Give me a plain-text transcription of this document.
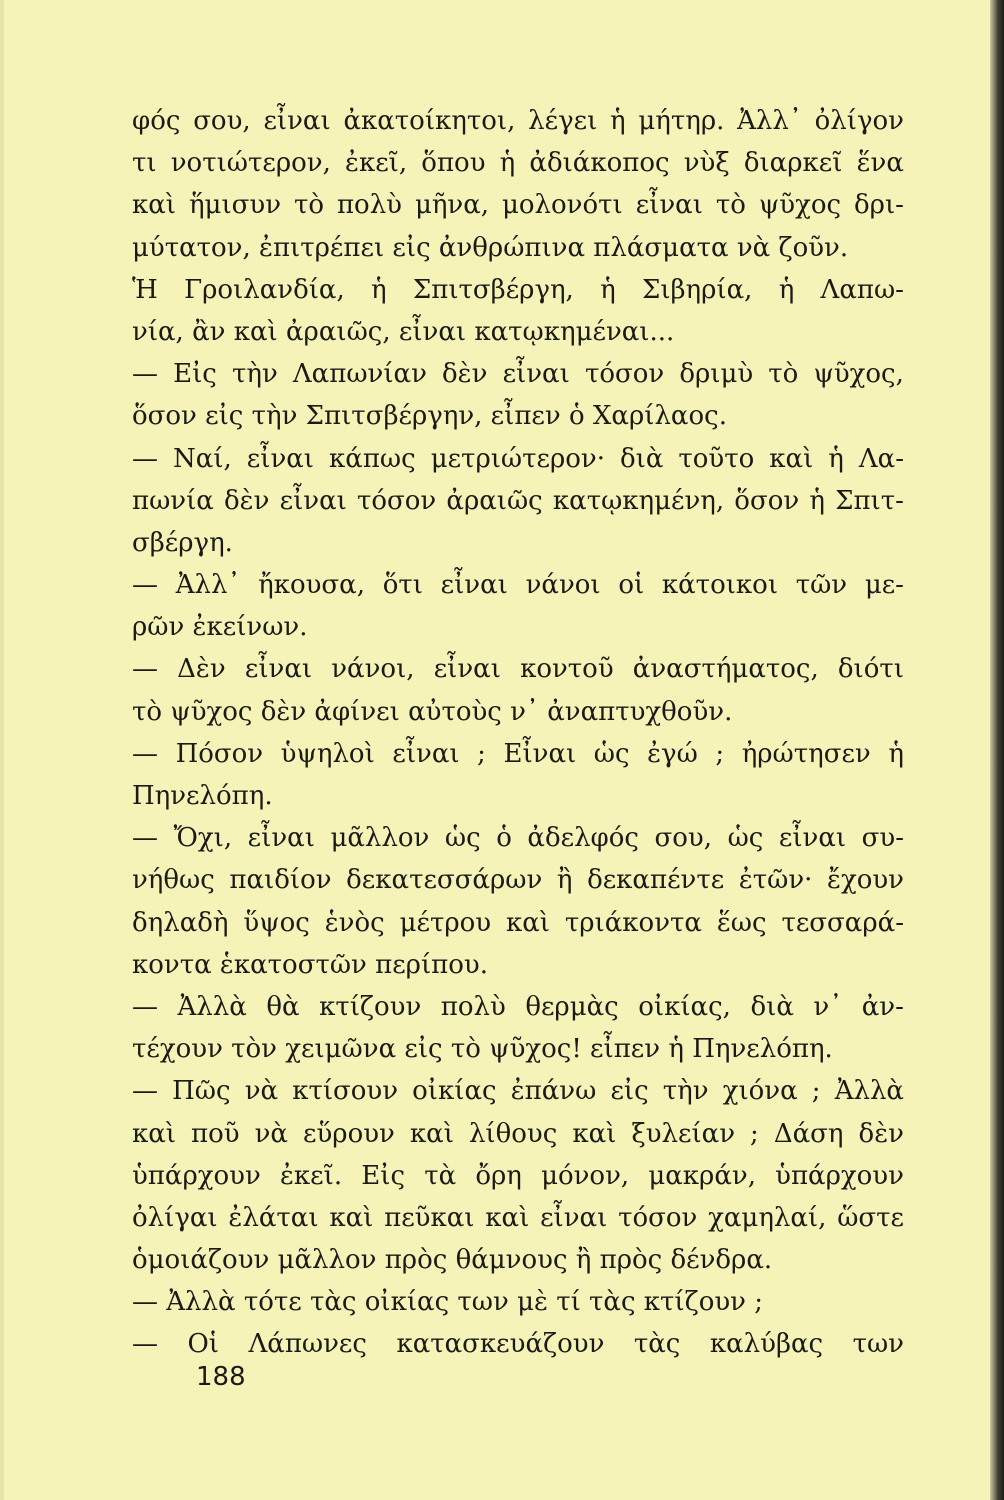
φός σου, εἶναι ἀκατοίκητοι, λέγει ἡ μήτηρ. Ἀλλ᾽ ὀλίγον
τι νοτιώτερον, ἐκεῖ, ὅπου ἡ ἀδιάκοπος νὺξ διαρκεῖ ἕνα
καὶ ἥμισυν τὸ πολὺ μῆνα, μολονότι εἶναι τὸ ψῦχος δρι-
μύτατον, ἐπιτρέπει εἰς ἀνθρώπινα πλάσματα νὰ ζοῦν.
Ἡ Γροιλανδία, ἡ Σπιτσβέργη, ἡ Σιβηρία, ἡ Λαπω-
νία, ἂν καὶ ἀραιῶς, εἶναι κατῳκημέναι...
— Εἰς τὴν Λαπωνίαν δὲν εἶναι τόσον δριμὺ τὸ ψῦχος,
ὅσον εἰς τὴν Σπιτσβέργην, εἶπεν ὁ Χαρίλαος.
— Ναί, εἶναι κάπως μετριώτερον· διὰ τοῦτο καὶ ἡ Λα-
πωνία δὲν εἶναι τόσον ἀραιῶς κατῳκημένη, ὅσον ἡ Σπιτ-
σβέργη.
— Ἀλλ᾽ ἤκουσα, ὅτι εἶναι νάνοι οἱ κάτοικοι τῶν με-
ρῶν ἐκείνων.
— Δὲν εἶναι νάνοι, εἶναι κοντοῦ ἀναστήματος, διότι
τὸ ψῦχος δὲν ἀφίνει αὐτοὺς ν᾽ ἀναπτυχθοῦν.
— Πόσον ὑψηλοὶ εἶναι ; Εἶναι ὡς ἐγώ ; ἠρώτησεν ἡ
Πηνελόπη.
— Ὄχι, εἶναι μᾶλλον ὡς ὁ ἀδελφός σου, ὡς εἶναι συ-
νήθως παιδίον δεκατεσσάρων ἢ δεκαπέντε ἐτῶν· ἔχουν
δηλαδὴ ὕψος ἑνὸς μέτρου καὶ τριάκοντα ἕως τεσσαρά-
κοντα ἑκατοστῶν περίπου.
— Ἀλλὰ θὰ κτίζουν πολὺ θερμὰς οἰκίας, διὰ ν᾽ ἀν-
τέχουν τὸν χειμῶνα εἰς τὸ ψῦχος! εἶπεν ἡ Πηνελόπη.
— Πῶς νὰ κτίσουν οἰκίας ἐπάνω εἰς τὴν χιόνα ; Ἀλλὰ
καὶ ποῦ νὰ εὕρουν καὶ λίθους καὶ ξυλείαν ; Δάση δὲν
ὑπάρχουν ἐκεῖ. Εἰς τὰ ὄρη μόνον, μακράν, ὑπάρχουν
ὀλίγαι ἐλάται καὶ πεῦκαι καὶ εἶναι τόσον χαμηλαί, ὥστε
ὁμοιάζουν μᾶλλον πρὸς θάμνους ἢ πρὸς δένδρα.
— Ἀλλὰ τότε τὰς οἰκίας των μὲ τί τὰς κτίζουν ;
— Οἱ Λάπωνες κατασκευάζουν τὰς καλύβας των
188
